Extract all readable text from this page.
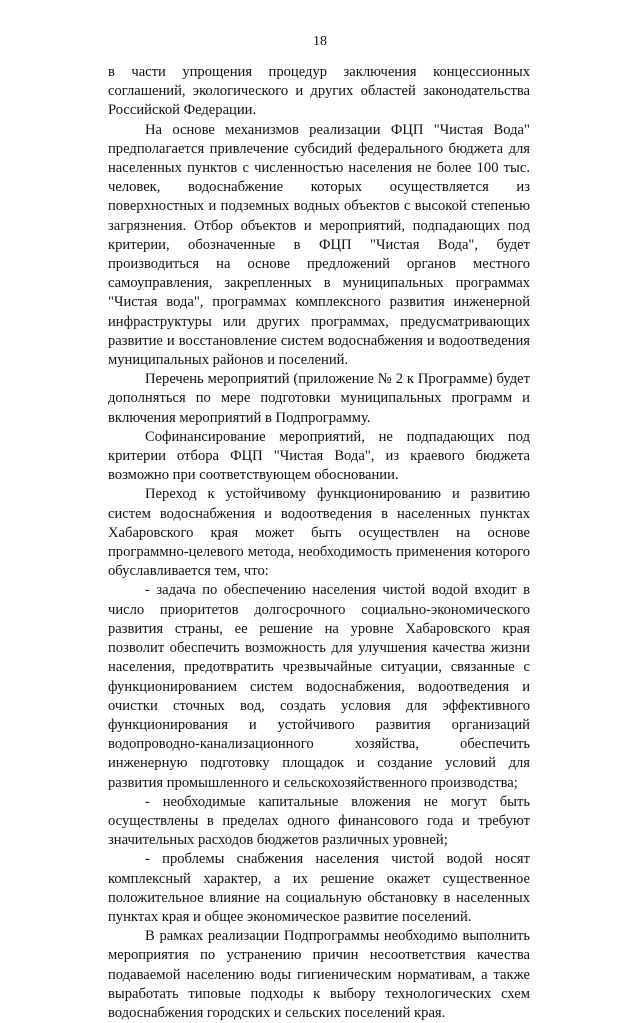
18

в части упрощения процедур заключения концессионных соглашений, экологического и других областей законодательства Российской Федерации.

На основе механизмов реализации ФЦП "Чистая Вода" предполагается привлечение субсидий федерального бюджета для населенных пунктов с численностью населения не более 100 тыс. человек, водоснабжение которых осуществляется из поверхностных и подземных водных объектов с высокой степенью загрязнения. Отбор объектов и мероприятий, подпадающих под критерии, обозначенные в ФЦП "Чистая Вода", будет производиться на основе предложений органов местного самоуправления, закрепленных в муниципальных программах "Чистая вода", программах комплексного развития инженерной инфраструктуры или других программах, предусматривающих развитие и восстановление систем водоснабжения и водоотведения муниципальных районов и поселений.

Перечень мероприятий (приложение № 2 к Программе) будет дополняться по мере подготовки муниципальных программ и включения мероприятий в Подпрограмму.

Софинансирование мероприятий, не подпадающих под критерии отбора ФЦП "Чистая Вода", из краевого бюджета возможно при соответствующем обосновании.

Переход к устойчивому функционированию и развитию систем водоснабжения и водоотведения в населенных пунктах Хабаровского края может быть осуществлен на основе программно-целевого метода, необходимость применения которого обуславливается тем, что:

- задача по обеспечению населения чистой водой входит в число приоритетов долгосрочного социально-экономического развития страны, ее решение на уровне Хабаровского края позволит обеспечить возможность для улучшения качества жизни населения, предотвратить чрезвычайные ситуации, связанные с функционированием систем водоснабжения, водоотведения и очистки сточных вод, создать условия для эффективного функционирования и устойчивого развития организаций водопроводно-канализационного хозяйства, обеспечить инженерную подготовку площадок и создание условий для развития промышленного и сельскохозяйственного производства;

- необходимые капитальные вложения не могут быть осуществлены в пределах одного финансового года и требуют значительных расходов бюджетов различных уровней;

- проблемы снабжения населения чистой водой носят комплексный характер, а их решение окажет существенное положительное влияние на социальную обстановку в населенных пунктах края и общее экономическое развитие поселений.

В рамках реализации Подпрограммы необходимо выполнить мероприятия по устранению причин несоответствия качества подаваемой населению воды гигиеническим нормативам, а также выработать типовые подходы к выбору технологических схем водоснабжения городских и сельских поселений края.
